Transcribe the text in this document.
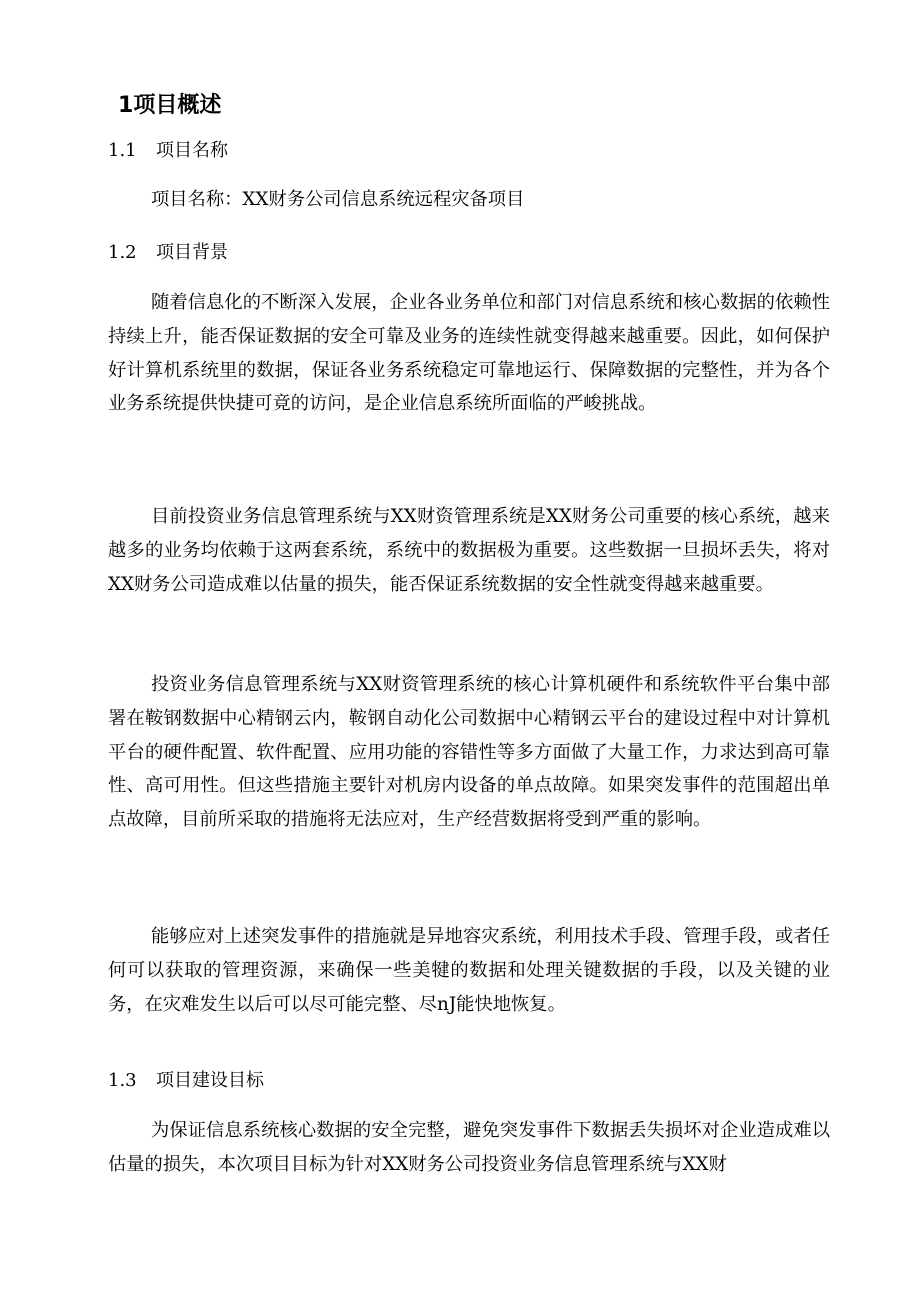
1项目概述
1.1 项目名称

项目名称：XX财务公司信息系统远程灾备项目

1.2 项目背景

随着信息化的不断深入发展，企业各业务单位和部门对信息系统和核心数据的依赖性持续上升，能否保证数据的安全可靠及业务的连续性就变得越来越重要。因此，如何保护好计算机系统里的数据，保证各业务系统稳定可靠地运行、保障数据的完整性，并为各个业务系统提供快捷可竟的访问，是企业信息系统所面临的严峻挑战。

目前投资业务信息管理系统与XX财资管理系统是XX财务公司重要的核心系统，越来越多的业务均依赖于这两套系统，系统中的数据极为重要。这些数据一旦损坏丢失，将对XX财务公司造成难以估量的损失，能否保证系统数据的安全性就变得越来越重要。

投资业务信息管理系统与XX财资管理系统的核心计算机硬件和系统软件平台集中部署在鞍钢数据中心精钢云内，鞍钢自动化公司数据中心精钢云平台的建设过程中对计算机平台的硬件配置、软件配置、应用功能的容错性等多方面做了大量工作，力求达到高可靠性、高可用性。但这些措施主要针对机房内设备的单点故障。如果突发事件的范围超出单点故障，目前所采取的措施将无法应对，生产经营数据将受到严重的影响。

能够应对上述突发事件的措施就是异地容灾系统，利用技术手段、管理手段，或者任何可以获取的管理资源，来确保一些美犍的数据和处理关键数据的手段，以及关键的业务，在灾难发生以后可以尽可能完整、尽nJ能快地恢复。

1.3 项目建设目标

为保证信息系统核心数据的安全完整，避免突发事件下数据丢失损坏对企业造成难以估量的损失，本次项目目标为针对XX财务公司投资业务信息管理系统与XX财
